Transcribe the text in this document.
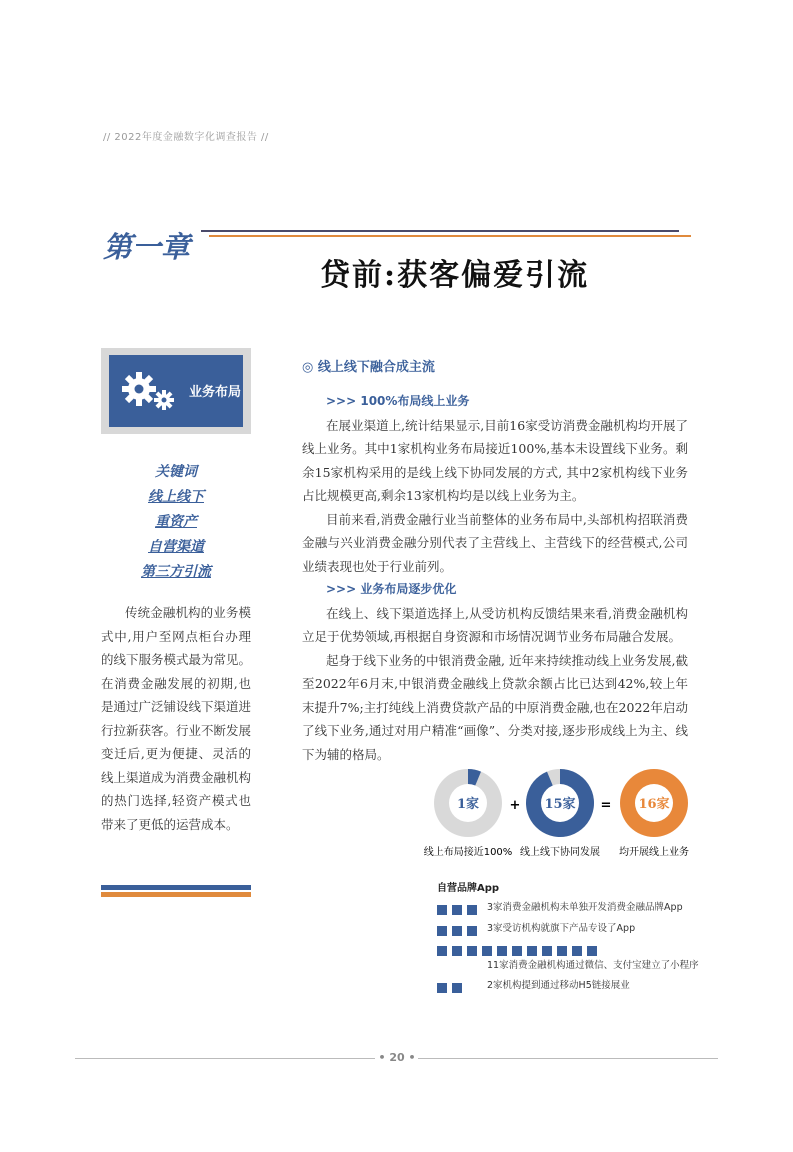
// 2022年度金融数字化调查报告 //
第一章
贷前:获客偏爱引流
业务布局
关键词
线上线下
重资产
自营渠道
第三方引流

传统金融机构的业务模式中,用户至网点柜台办理的线下服务模式最为常见。在消费金融发展的初期,也是通过广泛铺设线下渠道进行拉新获客。行业不断发展变迁后,更为便捷、灵活的线上渠道成为消费金融机构的热门选择,轻资产模式也带来了更低的运营成本。

◎ 线上线下融合成主流

>>> 100%布局线上业务

在展业渠道上,统计结果显示,目前16家受访消费金融机构均开展了线上业务。其中1家机构业务布局接近100%,基本未设置线下业务。剩余15家机构采用的是线上线下协同发展的方式, 其中2家机构线下业务占比规模更高,剩余13家机构均是以线上业务为主。

目前来看,消费金融行业当前整体的业务布局中,头部机构招联消费金融与兴业消费金融分别代表了主营线上、主营线下的经营模式,公司业绩表现也处于行业前列。

>>> 业务布局逐步优化

在线上、线下渠道选择上,从受访机构反馈结果来看,消费金融机构立足于优势领域,再根据自身资源和市场情况调节业务布局融合发展。

起身于线下业务的中银消费金融, 近年来持续推动线上业务发展,截至2022年6月末,中银消费金融线上贷款余额占比已达到42%,较上年末提升7%;主打纯线上消费贷款产品的中原消费金融,也在2022年启动了线下业务,通过对用户精准“画像”、分类对接,逐步形成线上为主、线下为辅的格局。

1家	15家	16家
+	=
线上布局接近100% 线上线下协同发展 均开展线上业务
自营品牌App
3家消费金融机构未单独开发消费金融品牌App
3家受访机构就旗下产品专设了App
11家消费金融机构通过微信、支付宝建立了小程序
2家机构提到通过移动H5链接展业
• 20 •
